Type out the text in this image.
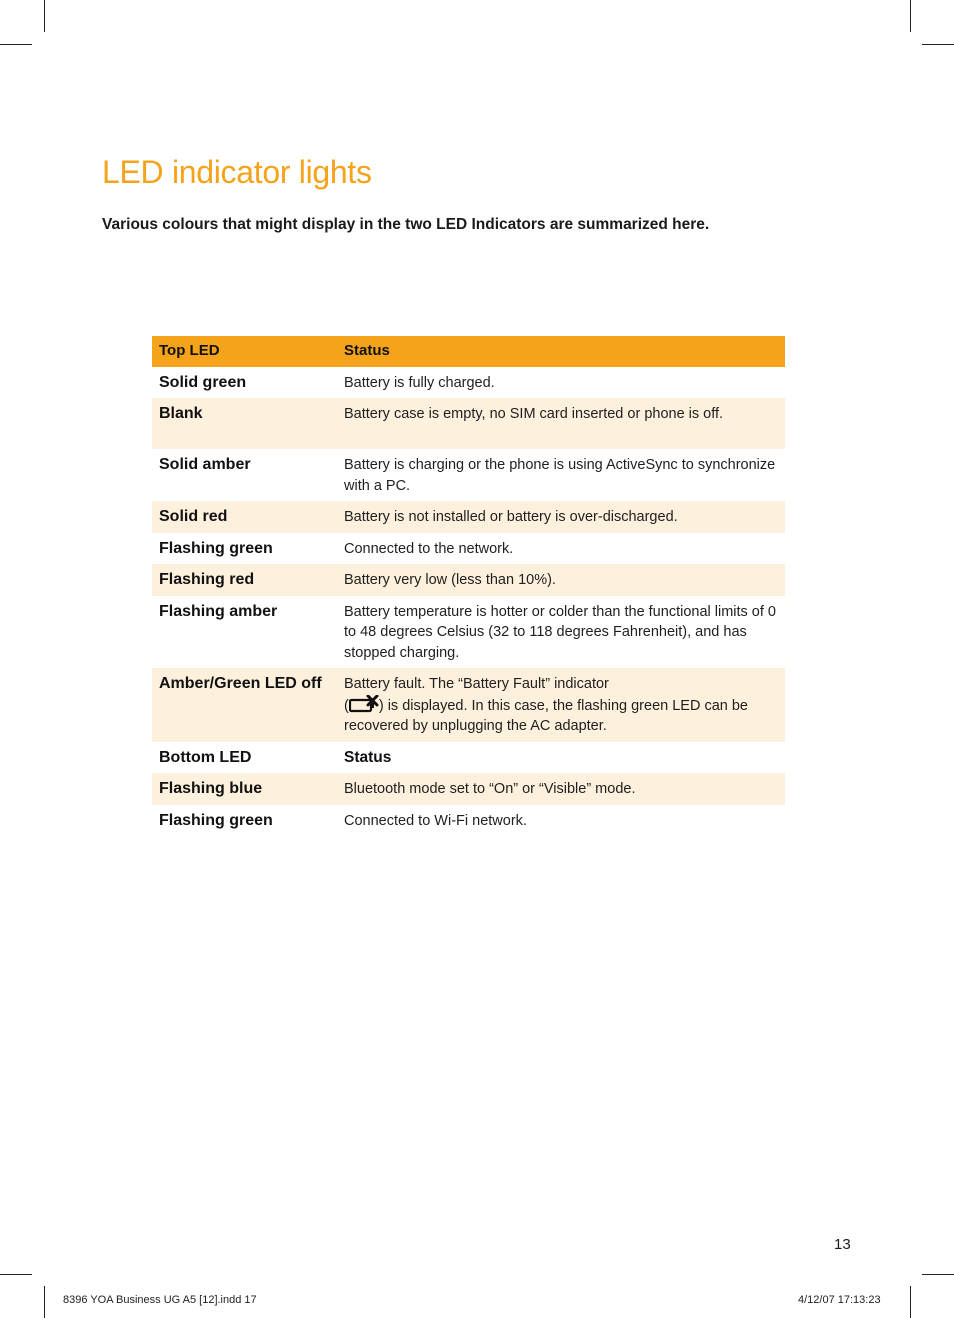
LED indicator lights

Various colours that might display in the two LED Indicators are summarized here.

Top LED	Status
Solid green	Battery is fully charged.
Blank	Battery case is empty, no SIM card inserted or phone is off.
Solid amber	Battery is charging or the phone is using ActiveSync to synchronize with a PC.
Solid red	Battery is not installed or battery is over-discharged.
Flashing green	Connected to the network.
Flashing red	Battery very low (less than 10%).
Flashing amber	Battery temperature is hotter or colder than the functional limits of 0 to 48 degrees Celsius (32 to 118 degrees Fahrenheit), and has stopped charging.
Amber/Green LED off	Battery fault. The “Battery Fault” indicator
( ) is displayed. In this case, the flashing green LED can be recovered by unplugging the AC adapter.
Bottom LED	Status
Flashing blue	Bluetooth mode set to “On” or “Visible” mode.
Flashing green	Connected to Wi-Fi network.
13
8396 YOA Business UG A5 [12].indd 17	4/12/07 17:13:23
